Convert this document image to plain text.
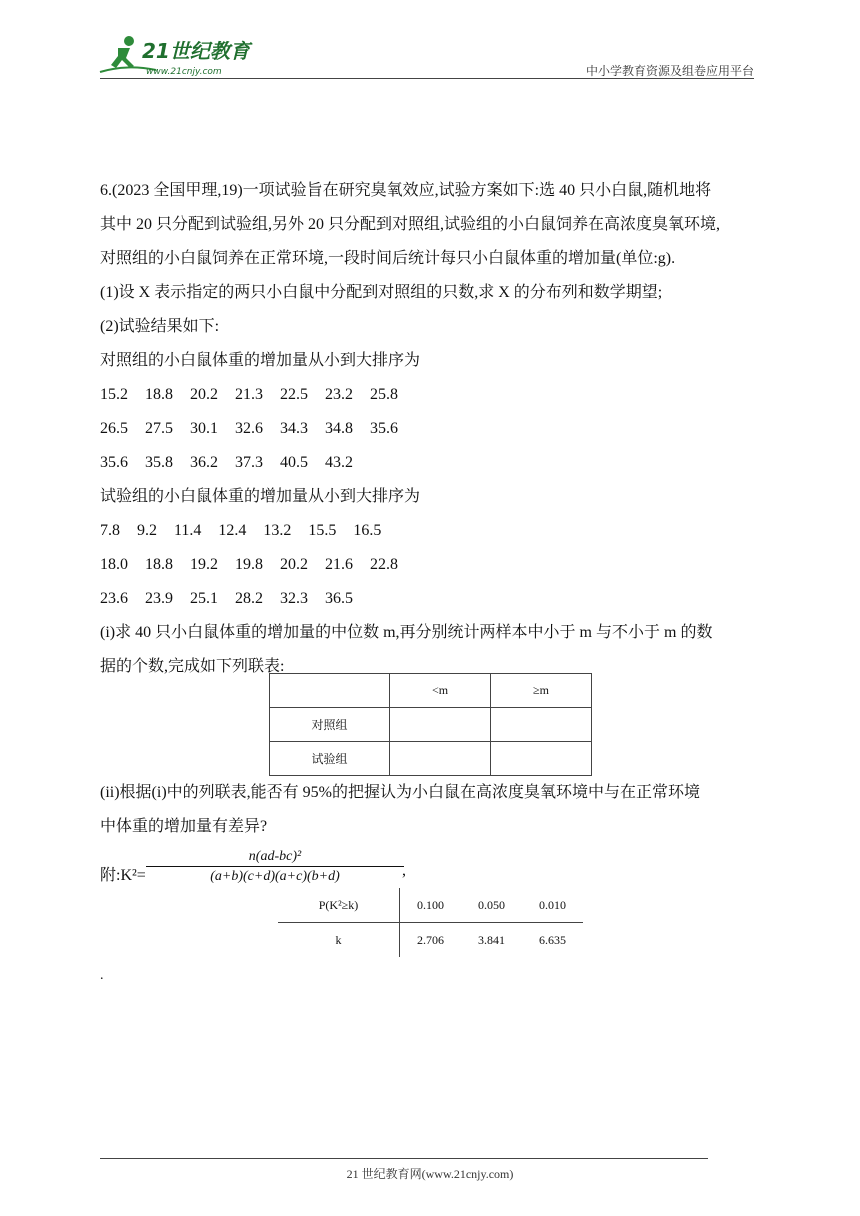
21世纪教育
www.21cnjy.com	中小学教育资源及组卷应用平台
6.(2023 全国甲理,19)一项试验旨在研究臭氧效应,试验方案如下:选 40 只小白鼠,随机地将
其中 20 只分配到试验组,另外 20 只分配到对照组,试验组的小白鼠饲养在高浓度臭氧环境,
对照组的小白鼠饲养在正常环境,一段时间后统计每只小白鼠体重的增加量(单位:g).
(1)设 X 表示指定的两只小白鼠中分配到对照组的只数,求 X 的分布列和数学期望;
(2)试验结果如下:
对照组的小白鼠体重的增加量从小到大排序为
15.2 18.8 20.2 21.3 22.5 23.2 25.8
26.5 27.5 30.1 32.6 34.3 34.8 35.6
35.6 35.8 36.2 37.3 40.5 43.2
试验组的小白鼠体重的增加量从小到大排序为
7.8 9.2 11.4 12.4 13.2 15.5 16.5
18.0 18.8 19.2 19.8 20.2 21.6 22.8
23.6 23.9 25.1 28.2 32.3 36.5
(i)求 40 只小白鼠体重的增加量的中位数 m,再分别统计两样本中小于 m 与不小于 m 的数
据的个数,完成如下列联表:
	<m	≥m
对照组		
试验组		
(ii)根据(i)中的列联表,能否有 95%的把握认为小白鼠在高浓度臭氧环境中与在正常环境
中体重的增加量有差异?
附:K²=
n(ad-bc)²
(a+b)(c+d)(a+c)(b+d)	,
P(K²≥k)	0.100	0.050	0.010
k	2.706	3.841	6.635
.
21 世纪教育网(www.21cnjy.com)
